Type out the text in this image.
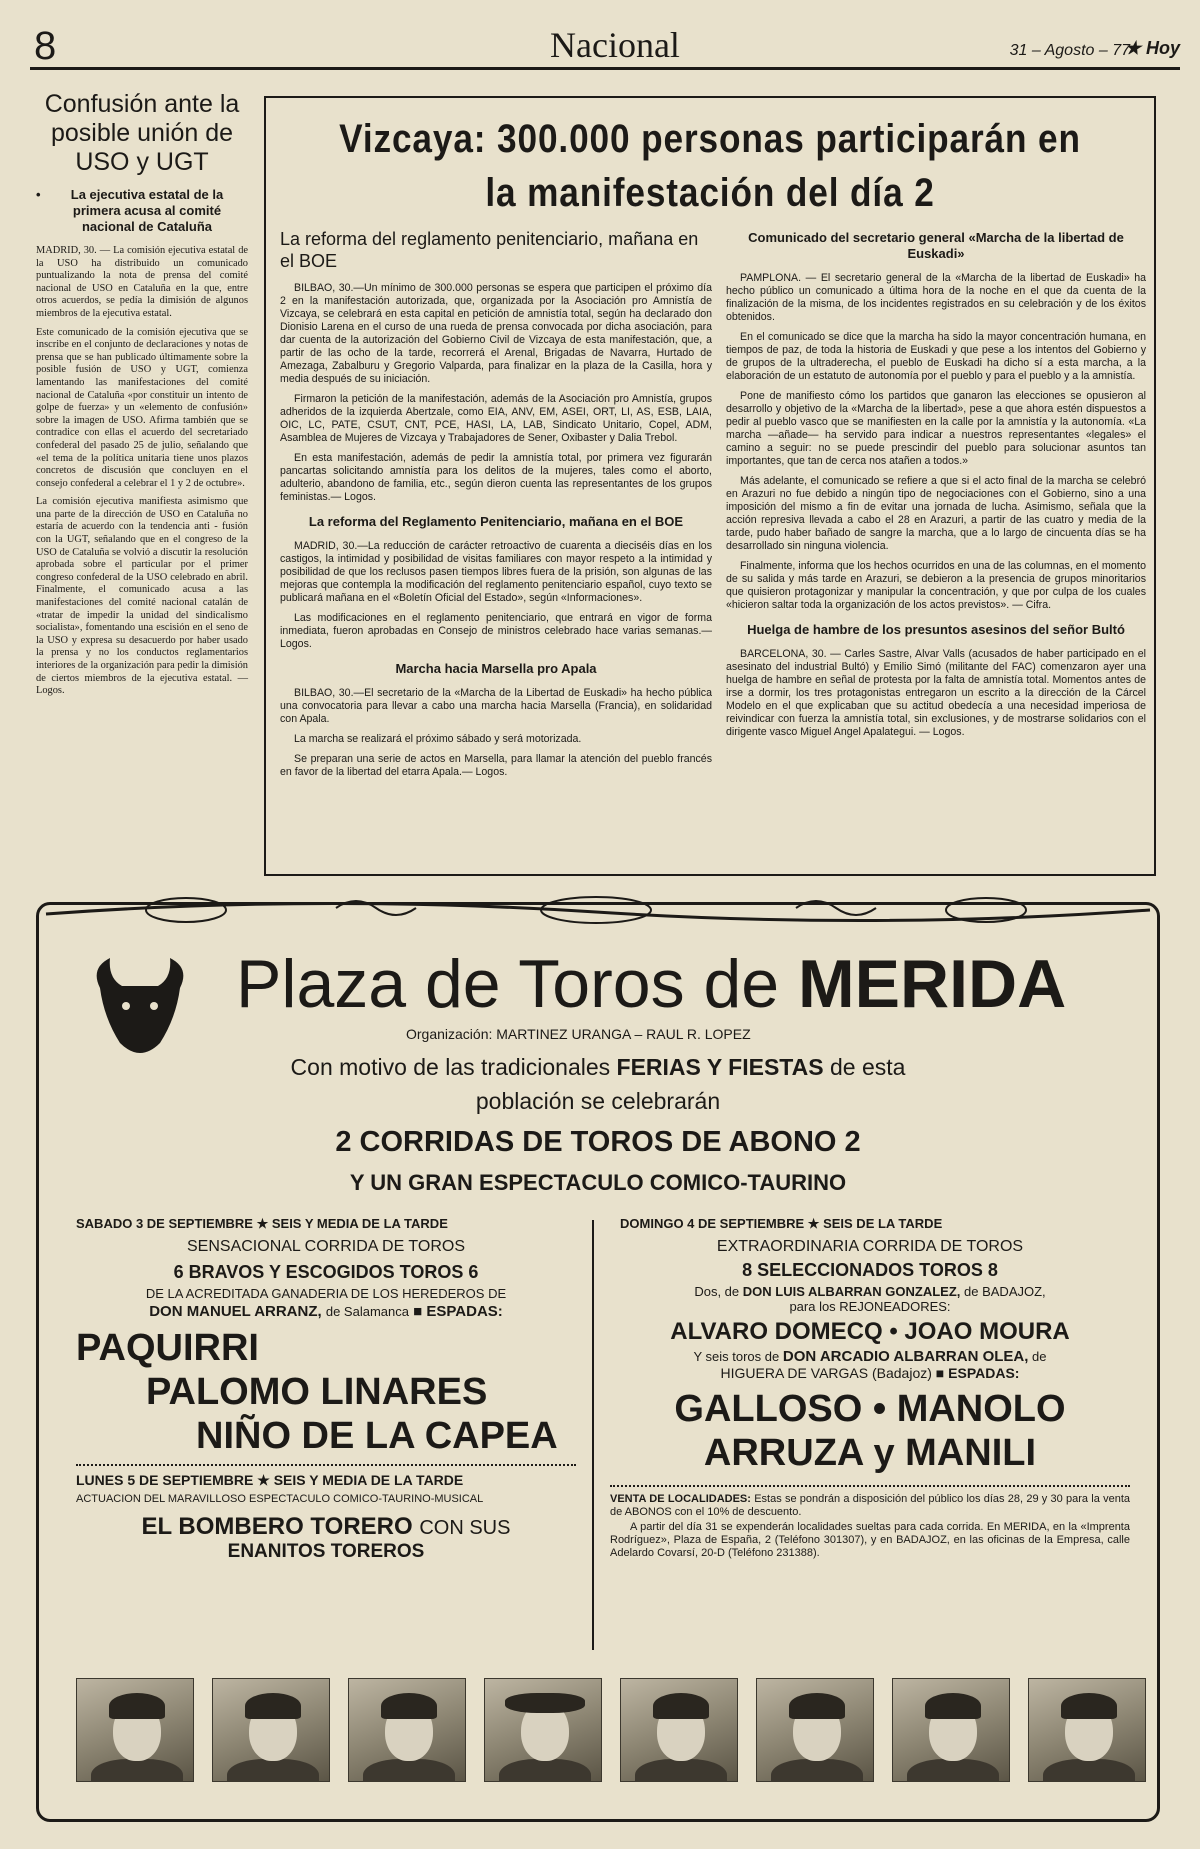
8	Nacional	31 – Agosto – 77
★ Hoy
Confusión ante la posible unión de USO y UGT
• La ejecutiva estatal de la primera acusa al comité nacional de Cataluña

MADRID, 30. — La comisión ejecutiva estatal de la USO ha distribuido un comunicado puntualizando la nota de prensa del comité nacional de USO en Cataluña en la que, entre otros acuerdos, se pedía la dimisión de algunos miembros de la ejecutiva estatal.

Este comunicado de la comisión ejecutiva que se inscribe en el conjunto de declaraciones y notas de prensa que se han publicado últimamente sobre la posible fusión de USO y UGT, comienza lamentando las manifestaciones del comité nacional de Cataluña «por constituir un intento de golpe de fuerza» y un «elemento de confusión» sobre la imagen de USO. Afirma también que se contradice con ellas el acuerdo del secretariado confederal del pasado 25 de julio, señalando que «el tema de la política unitaria tiene unos plazos concretos de discusión que concluyen en el consejo confederal a celebrar el 1 y 2 de octubre».

La comisión ejecutiva manifiesta asimismo que una parte de la dirección de USO en Cataluña no estaría de acuerdo con la tendencia anti - fusión con la UGT, señalando que en el congreso de la USO de Cataluña se volvió a discutir la resolución aprobada sobre el particular por el primer congreso confederal de la USO celebrado en abril. Finalmente, el comunicado acusa a las manifestaciones del comité nacional catalán de «tratar de impedir la unidad del sindicalismo socialista», fomentando una escisión en el seno de la USO y expresa su desacuerdo por haber usado la prensa y no los conductos reglamentarios interiores de la organización para pedir la dimisión de ciertos miembros de la ejecutiva estatal. — Logos.

Vizcaya: 300.000 personas participarán en la manifestación del día 2
La reforma del reglamento penitenciario, mañana en el BOE

BILBAO, 30.—Un mínimo de 300.000 personas se espera que participen el próximo día 2 en la manifestación autorizada, que, organizada por la Asociación pro Amnistía de Vizcaya, se celebrará en esta capital en petición de amnistía total, según ha declarado don Dionisio Larena en el curso de una rueda de prensa convocada por dicha asociación, para dar cuenta de la autorización del Gobierno Civil de Vizcaya de esta manifestación, que, a partir de las ocho de la tarde, recorrerá el Arenal, Brigadas de Navarra, Hurtado de Amezaga, Zabalburu y Gregorio Valparda, para finalizar en la plaza de la Casilla, hora y media después de su iniciación.

Firmaron la petición de la manifestación, además de la Asociación pro Amnistía, grupos adheridos de la izquierda Abertzale, como EIA, ANV, EM, ASEI, ORT, LI, AS, ESB, LAIA, OIC, LC, PATE, CSUT, CNT, PCE, HASI, LA, LAB, Sindicato Unitario, Copel, ADM, Asamblea de Mujeres de Vizcaya y Trabajadores de Sener, Oxibaster y Dalia Trebol.

En esta manifestación, además de pedir la amnistía total, por primera vez figurarán pancartas solicitando amnistía para los delitos de la mujeres, tales como el aborto, adulterio, abandono de familia, etc., según dieron cuenta las representantes de los grupos feministas.— Logos.

La reforma del Reglamento Penitenciario, mañana en el BOE

MADRID, 30.—La reducción de carácter retroactivo de cuarenta a dieciséis días en los castigos, la intimidad y posibilidad de visitas familiares con mayor respeto a la intimidad y posibilidad de que los reclusos pasen tiempos libres fuera de la prisión, son algunas de las mejoras que contempla la modificación del reglamento penitenciario español, cuyo texto se publicará mañana en el «Boletín Oficial del Estado», según «Informaciones».

Las modificaciones en el reglamento penitenciario, que entrará en vigor de forma inmediata, fueron aprobadas en Consejo de ministros celebrado hace varias semanas.— Logos.

Marcha hacia Marsella pro Apala

BILBAO, 30.—El secretario de la «Marcha de la Libertad de Euskadi» ha hecho pública una convocatoria para llevar a cabo una marcha hacia Marsella (Francia), en solidaridad con Apala.

La marcha se realizará el próximo sábado y será motorizada.

Se preparan una serie de actos en Marsella, para llamar la atención del pueblo francés en favor de la libertad del etarra Apala.— Logos.

Comunicado del secretario general «Marcha de la libertad de Euskadi»

PAMPLONA. — El secretario general de la «Marcha de la libertad de Euskadi» ha hecho público un comunicado a última hora de la noche en el que da cuenta de la finalización de la misma, de los incidentes registrados en su celebración y de los éxitos obtenidos.

En el comunicado se dice que la marcha ha sido la mayor concentración humana, en tiempos de paz, de toda la historia de Euskadi y que pese a los intentos del Gobierno y de grupos de la ultraderecha, el pueblo de Euskadi ha dicho sí a esta marcha, a la elaboración de un estatuto de autonomía por el pueblo y para el pueblo y a la amnistía.

Pone de manifiesto cómo los partidos que ganaron las elecciones se opusieron al desarrollo y objetivo de la «Marcha de la libertad», pese a que ahora estén dispuestos a pedir al pueblo vasco que se manifiesten en la calle por la amnistía y la autonomía. «La marcha —añade— ha servido para indicar a nuestros representantes «legales» el camino a seguir: no se puede prescindir del pueblo para solucionar asuntos tan importantes, que tan de cerca nos atañen a todos.»

Más adelante, el comunicado se refiere a que si el acto final de la marcha se celebró en Arazuri no fue debido a ningún tipo de negociaciones con el Gobierno, sino a una imposición del mismo a fin de evitar una jornada de lucha. Asimismo, señala que la acción represiva llevada a cabo el 28 en Arazuri, a partir de las cuatro y media de la tarde, pudo haber bañado de sangre la marcha, que a lo largo de cincuenta días se ha desarrollado sin ninguna violencia.

Finalmente, informa que los hechos ocurridos en una de las columnas, en el momento de su salida y más tarde en Arazuri, se debieron a la presencia de grupos minoritarios que quisieron protagonizar y manipular la concentración, y que por culpa de los cuales «hicieron saltar toda la organización de los actos previstos». — Cifra.

Huelga de hambre de los presuntos asesinos del señor Bultó

BARCELONA, 30. — Carles Sastre, Alvar Valls (acusados de haber participado en el asesinato del industrial Bultó) y Emilio Simó (militante del FAC) comenzaron ayer una huelga de hambre en señal de protesta por la falta de amnistía total. Momentos antes de irse a dormir, los tres protagonistas entregaron un escrito a la dirección de la Cárcel Modelo en el que explicaban que su actitud obedecía a una necesidad imperiosa de reivindicar con fuerza la amnistía total, sin exclusiones, y de mostrarse solidarios con el dirigente vasco Miguel Angel Apalategui. — Logos.

Plaza de Toros de MERIDA
Organización: MARTINEZ URANGA – RAUL R. LOPEZ
Con motivo de las tradicionales FERIAS Y FIESTAS de esta
población se celebrarán
2 CORRIDAS DE TOROS DE ABONO 2
Y UN GRAN ESPECTACULO COMICO-TAURINO
SABADO 3 DE SEPTIEMBRE ★ SEIS Y MEDIA DE LA TARDE
SENSACIONAL CORRIDA DE TOROS
6 BRAVOS Y ESCOGIDOS TOROS 6
DE LA ACREDITADA GANADERIA DE LOS HEREDEROS DE
DON MANUEL ARRANZ, de Salamanca ■ ESPADAS:
PAQUIRRI
PALOMO LINARES
NIÑO DE LA CAPEA
LUNES 5 DE SEPTIEMBRE ★ SEIS Y MEDIA DE LA TARDE
ACTUACION DEL MARAVILLOSO ESPECTACULO COMICO-TAURINO-MUSICAL
EL BOMBERO TORERO CON SUS
ENANITOS TOREROS
DOMINGO 4 DE SEPTIEMBRE ★ SEIS DE LA TARDE
EXTRAORDINARIA CORRIDA DE TOROS
8 SELECCIONADOS TOROS 8
Dos, de DON LUIS ALBARRAN GONZALEZ, de BADAJOZ,
para los REJONEADORES:
ALVARO DOMECQ • JOAO MOURA
Y seis toros de DON ARCADIO ALBARRAN OLEA, de
HIGUERA DE VARGAS (Badajoz) ■ ESPADAS:
GALLOSO • MANOLO
ARRUZA y MANILI
VENTA DE LOCALIDADES: Estas se pondrán a disposición del público los días 28, 29 y 30 para la venta de ABONOS con el 10% de descuento.
A partir del día 31 se expenderán localidades sueltas para cada corrida. En MERIDA, en la «Imprenta Rodríguez», Plaza de España, 2 (Teléfono 301307), y en BADAJOZ, en las oficinas de la Empresa, calle Adelardo Covarsí, 20-D (Teléfono 231388).
